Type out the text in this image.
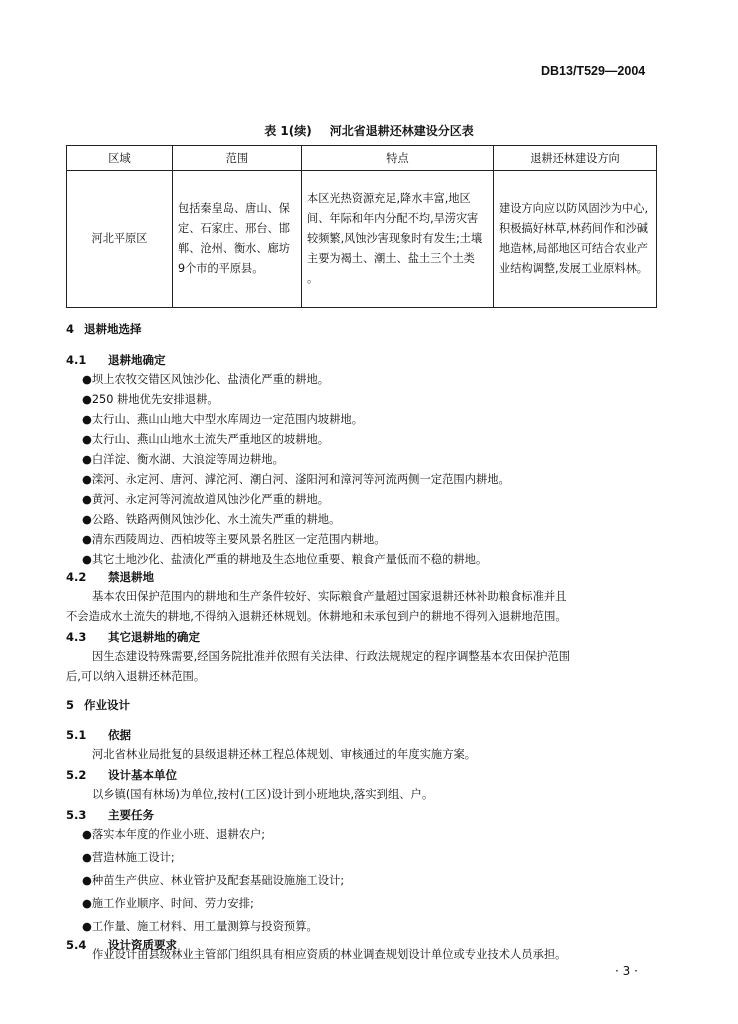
DB13/T529—2004
表 1(续) 河北省退耕还林建设分区表
区域	范围	特点	退耕还林建设方向
河北平原区	包括秦皇岛、唐山、保定、石家庄、邢台、邯郸、沧州、衡水、廊坊9个市的平原县。	本区光热资源充足,降水丰富,地区间、年际和年内分配不均,旱涝灾害较频繁,风蚀沙害现象时有发生;土壤主要为褐土、潮土、盐土三个土类 。	建设方向应以防风固沙为中心,积极搞好林草,林药间作和沙碱地造林,局部地区可结合农业产业结构调整,发展工业原料林。
4 退耕地选择
4.1 退耕地确定
●坝上农牧交错区风蚀沙化、盐渍化严重的耕地。
●250 耕地优先安排退耕。
●太行山、燕山山地大中型水库周边一定范围内坡耕地。
●太行山、燕山山地水土流失严重地区的坡耕地。
●白洋淀、衡水湖、大浪淀等周边耕地。
●滦河、永定河、唐河、滹沱河、潮白河、滏阳河和漳河等河流两侧一定范围内耕地。
●黄河、永定河等河流故道风蚀沙化严重的耕地。
●公路、铁路两侧风蚀沙化、水土流失严重的耕地。
●清东西陵周边、西柏坡等主要风景名胜区一定范围内耕地。
●其它土地沙化、盐渍化严重的耕地及生态地位重要、粮食产量低而不稳的耕地。
4.2 禁退耕地
基本农田保护范围内的耕地和生产条件较好、实际粮食产量超过国家退耕还林补助粮食标准并且
不会造成水土流失的耕地,不得纳入退耕还林规划。休耕地和未承包到户的耕地不得列入退耕地范围。
4.3 其它退耕地的确定
因生态建设特殊需要,经国务院批准并依照有关法律、行政法规规定的程序调整基本农田保护范围
后,可以纳入退耕还林范围。
5 作业设计
5.1 依据
河北省林业局批复的县级退耕还林工程总体规划、审核通过的年度实施方案。
5.2 设计基本单位
以乡镇(国有林场)为单位,按村(工区)设计到小班地块,落实到组、户。
5.3 主要任务
●落实本年度的作业小班、退耕农户;
●营造林施工设计;
●种苗生产供应、林业管护及配套基础设施施工设计;
●施工作业顺序、时间、劳力安排;
●工作量、施工材料、用工量测算与投资预算。
5.4 设计资质要求
作业设计由县级林业主管部门组织具有相应资质的林业调查规划设计单位或专业技术人员承担。
· 3 ·
